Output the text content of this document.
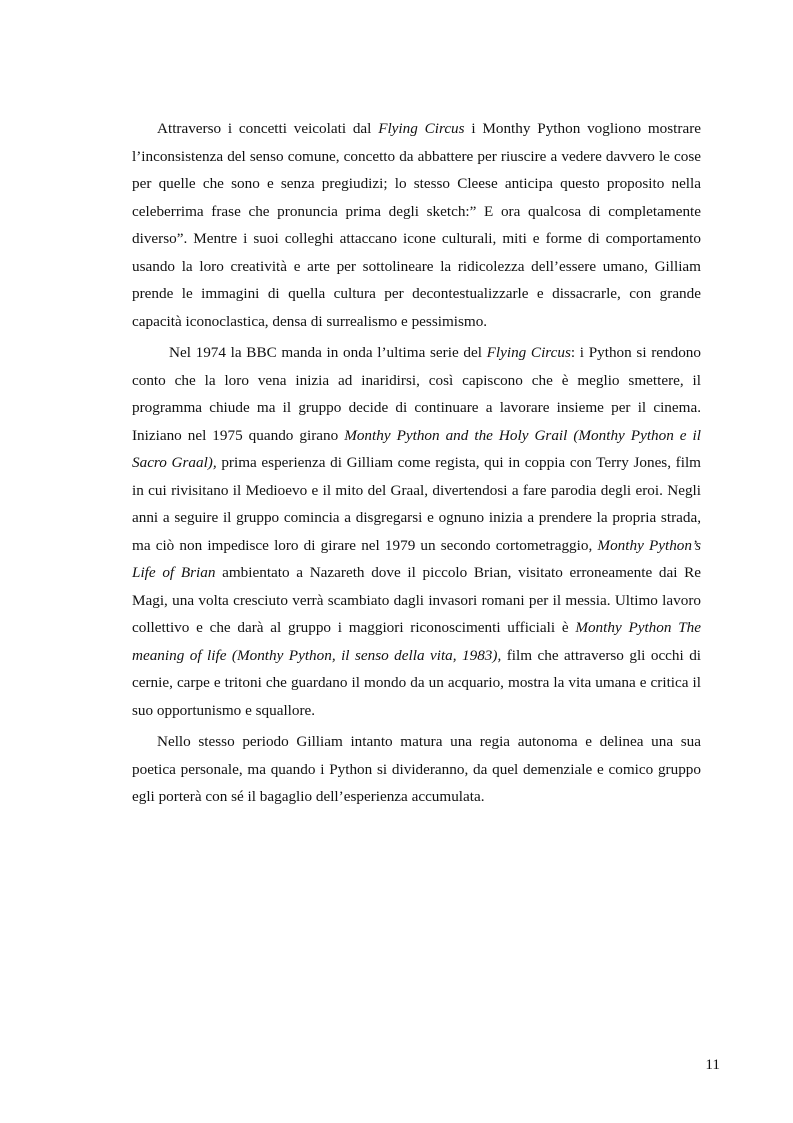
Attraverso i concetti veicolati dal Flying Circus i Monthy Python vogliono mostrare l’inconsistenza del senso comune, concetto da abbattere per riuscire a vedere davvero le cose per quelle che sono e senza pregiudizi; lo stesso Cleese anticipa questo proposito nella celeberrima frase che pronuncia prima degli sketch:” E ora qualcosa di completamente diverso”. Mentre i suoi colleghi attaccano icone culturali, miti e forme di comportamento usando la loro creatività e arte per sottolineare la ridicolezza dell’essere umano, Gilliam prende le immagini di quella cultura per decontestualizzarle e dissacrarle, con grande capacità iconoclastica, densa di surrealismo e pessimismo.

Nel 1974 la BBC manda in onda l’ultima serie del Flying Circus: i Python si rendono conto che la loro vena inizia ad inaridirsi, così capiscono che è meglio smettere, il programma chiude ma il gruppo decide di continuare a lavorare insieme per il cinema. Iniziano nel 1975 quando girano Monthy Python and the Holy Grail (Monthy Python e il Sacro Graal), prima esperienza di Gilliam come regista, qui in coppia con Terry Jones, film in cui rivisitano il Medioevo e il mito del Graal, divertendosi a fare parodia degli eroi. Negli anni a seguire il gruppo comincia a disgregarsi e ognuno inizia a prendere la propria strada, ma ciò non impedisce loro di girare nel 1979 un secondo cortometraggio, Monthy Python’s Life of Brian ambientato a Nazareth dove il piccolo Brian, visitato erroneamente dai Re Magi, una volta cresciuto verrà scambiato dagli invasori romani per il messia. Ultimo lavoro collettivo e che darà al gruppo i maggiori riconoscimenti ufficiali è Monthy Python The meaning of life (Monthy Python, il senso della vita, 1983), film che attraverso gli occhi di cernie, carpe e tritoni che guardano il mondo da un acquario, mostra la vita umana e critica il suo opportunismo e squallore.

Nello stesso periodo Gilliam intanto matura una regia autonoma e delinea una sua poetica personale, ma quando i Python si divideranno, da quel demenziale e comico gruppo egli porterà con sé il bagaglio dell’esperienza accumulata.

11
